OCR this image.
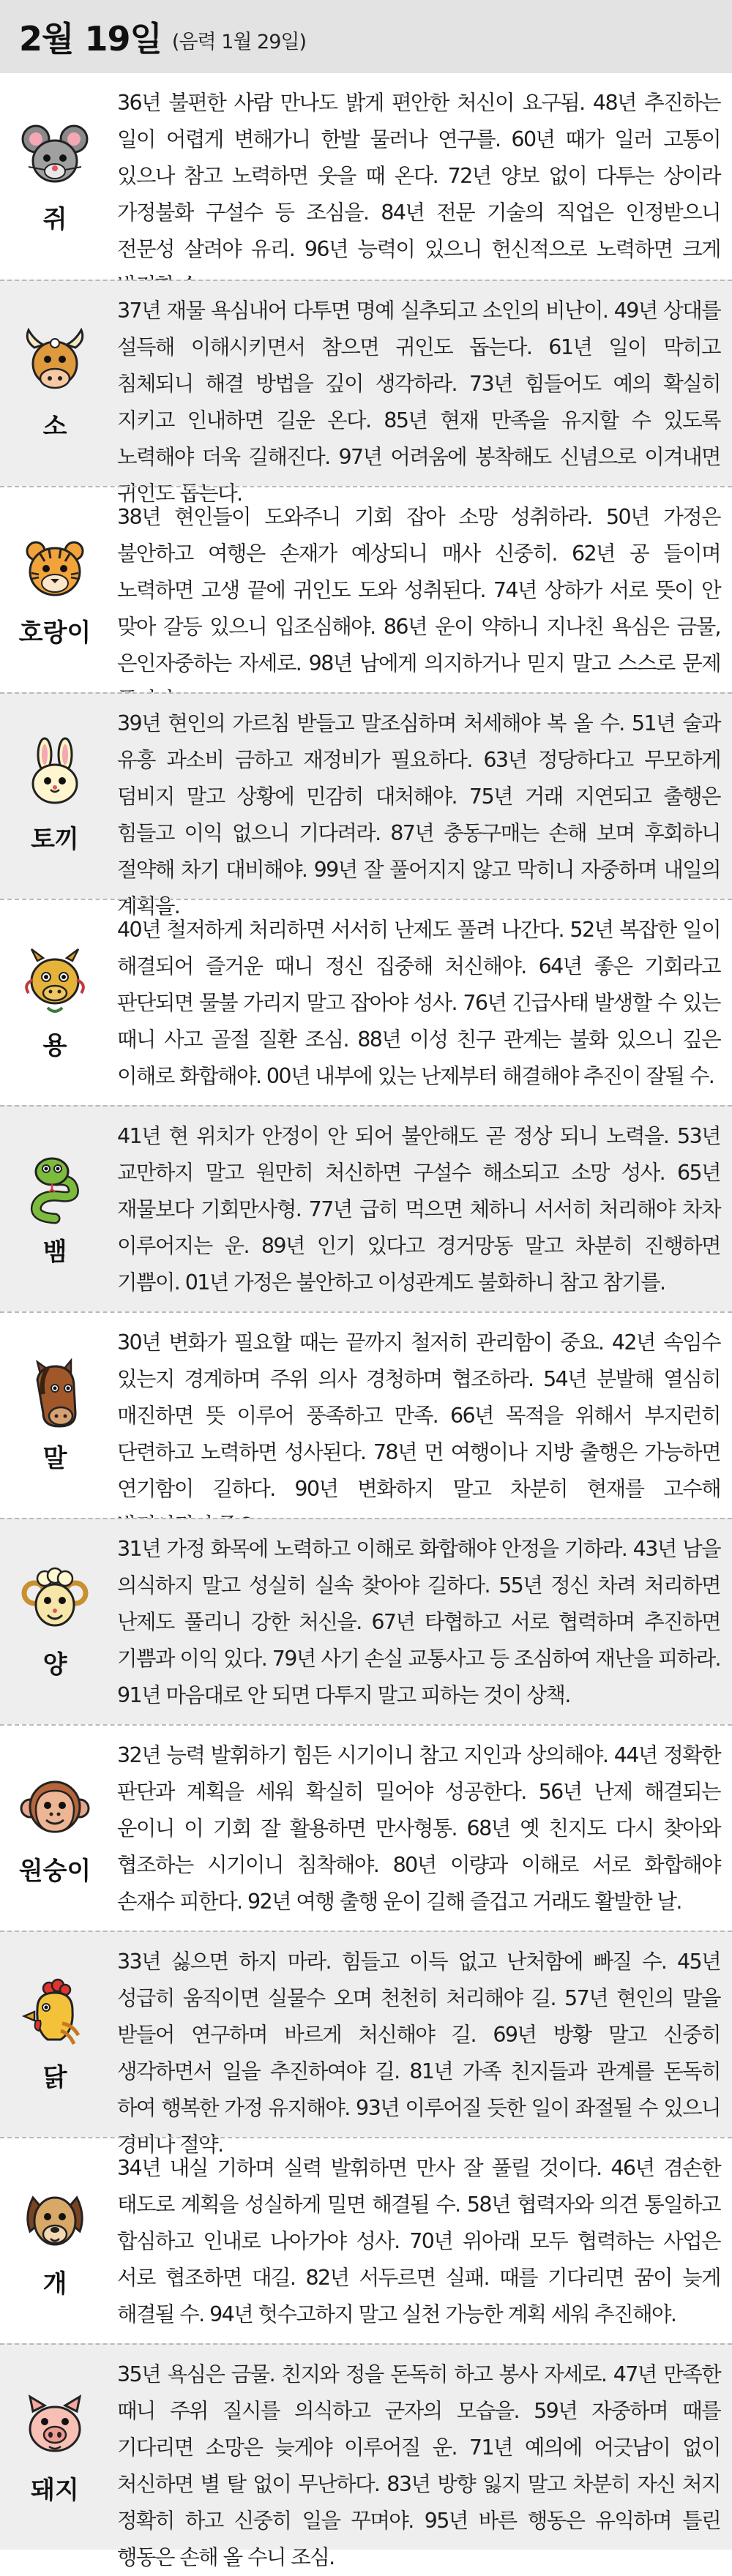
2월 19일 (음력 1월 29일)
쥐

36년 불편한 사람 만나도 밝게 편안한 처신이 요구됨. 48년 추진하는 일이 어렵게 변해가니 한발 물러나 연구를. 60년 때가 일러 고통이 있으나 참고 노력하면 웃을 때 온다. 72년 양보 없이 다투는 상이라 가정불화 구설수 등 조심을. 84년 전문 기술의 직업은 인정받으니 전문성 살려야 유리. 96년 능력이 있으니 헌신적으로 노력하면 크게

소

37년 재물 욕심내어 다투면 명예 실추되고 소인의 비난이. 49년 상대를 설득해 이해시키면서 참으면 귀인도 돕는다. 61년 일이 막히고 침체되니 해결 방법을 깊이 생각하라. 73년 힘들어도 예의 확실히 지키고 인내하면 길운 온다. 85년 현재 만족을 유지할 수 있도록 노력해야 더욱 길해진다. 97년 어려움에 봉착해도 신념으로 이겨내면 귀인도 돕는다.

호랑이

38년 현인들이 도와주니 기회 잡아 소망 성취하라. 50년 가정은 불안하고 여행은 손재가 예상되니 매사 신중히. 62년 공 들이며 노력하면 고생 끝에 귀인도 도와 성취된다. 74년 상하가 서로 뜻이 안 맞아 갈등 있으니 입조심해야. 86년 운이 약하니 지나친 욕심은 금물, 은인자중하는 자세로. 98년 남에게 의지하거나 믿지 말고 스스로 문제

토끼

39년 현인의 가르침 받들고 말조심하며 처세해야 복 올 수. 51년 술과 유흥 과소비 금하고 재정비가 필요하다. 63년 정당하다고 무모하게 덤비지 말고 상황에 민감히 대처해야. 75년 거래 지연되고 출행은 힘들고 이익 없으니 기다려라. 87년 충동구매는 손해 보며 후회하니 절약해 차기 대비해야. 99년 잘 풀어지지 않고 막히니 자중하며 내일의 계획을.

용

40년 철저하게 처리하면 서서히 난제도 풀려 나간다. 52년 복잡한 일이 해결되어 즐거운 때니 정신 집중해 처신해야. 64년 좋은 기회라고 판단되면 물불 가리지 말고 잡아야 성사. 76년 긴급사태 발생할 수 있는 때니 사고 골절 질환 조심. 88년 이성 친구 관계는 불화 있으니 깊은 이해로 화합해야. 00년 내부에 있는 난제부터 해결해야 추진이 잘될 수.

뱀

41년 현 위치가 안정이 안 되어 불안해도 곧 정상 되니 노력을. 53년 교만하지 말고 원만히 처신하면 구설수 해소되고 소망 성사. 65년 재물보다 기회만사형. 77년 급히 먹으면 체하니 서서히 처리해야 차차 이루어지는 운. 89년 인기 있다고 경거망동 말고 차분히 진행하면 기쁨이. 01년 가정은 불안하고 이성관계도 불화하니 참고 참기를.

말

30년 변화가 필요할 때는 끝까지 철저히 관리함이 중요. 42년 속임수 있는지 경계하며 주위 의사 경청하며 협조하라. 54년 분발해 열심히 매진하면 뜻 이루어 풍족하고 만족. 66년 목적을 위해서 부지런히 단련하고 노력하면 성사된다. 78년 먼 여행이나 지방 출행은 가능하면 연기함이 길하다. 90년 변화하지 말고 차분히 현재를 고수해

양

31년 가정 화목에 노력하고 이해로 화합해야 안정을 기하라. 43년 남을 의식하지 말고 성실히 실속 찾아야 길하다. 55년 정신 차려 처리하면 난제도 풀리니 강한 처신을. 67년 타협하고 서로 협력하며 추진하면 기쁨과 이익 있다. 79년 사기 손실 교통사고 등 조심하여 재난을 피하라. 91년 마음대로 안 되면 다투지 말고 피하는 것이 상책.

원숭이

32년 능력 발휘하기 힘든 시기이니 참고 지인과 상의해야. 44년 정확한 판단과 계획을 세워 확실히 밀어야 성공한다. 56년 난제 해결되는 운이니 이 기회 잘 활용하면 만사형통. 68년 옛 친지도 다시 찾아와 협조하는 시기이니 침착해야. 80년 이량과 이해로 서로 화합해야 손재수 피한다. 92년 여행 출행 운이 길해 즐겁고 거래도 활발한 날.

닭

33년 싫으면 하지 마라. 힘들고 이득 없고 난처함에 빠질 수. 45년 성급히 움직이면 실물수 오며 천천히 처리해야 길. 57년 현인의 말을 받들어 연구하며 바르게 처신해야 길. 69년 방황 말고 신중히 생각하면서 일을 추진하여야 길. 81년 가족 친지들과 관계를 돈독히 하여 행복한 가정 유지해야. 93년 이루어질 듯한 일이 좌절될 수 있으니 경비나 절약.

개

34년 내실 기하며 실력 발휘하면 만사 잘 풀릴 것이다. 46년 겸손한 태도로 계획을 성실하게 밀면 해결될 수. 58년 협력자와 의견 통일하고 합심하고 인내로 나아가야 성사. 70년 위아래 모두 협력하는 사업은 서로 협조하면 대길. 82년 서두르면 실패. 때를 기다리면 꿈이 늦게 해결될 수. 94년 헛수고하지 말고 실천 가능한 계획 세워 추진해야.

돼지

35년 욕심은 금물. 친지와 정을 돈독히 하고 봉사 자세로. 47년 만족한 때니 주위 질시를 의식하고 군자의 모습을. 59년 자중하며 때를 기다리면 소망은 늦게야 이루어질 운. 71년 예의에 어긋남이 없이 처신하면 별 탈 없이 무난하다. 83년 방향 잃지 말고 차분히 자신 처지 정확히 하고 신중히 일을 꾸며야. 95년 바른 행동은 유익하며 틀린 행동은 손해 올 수니 조심.
